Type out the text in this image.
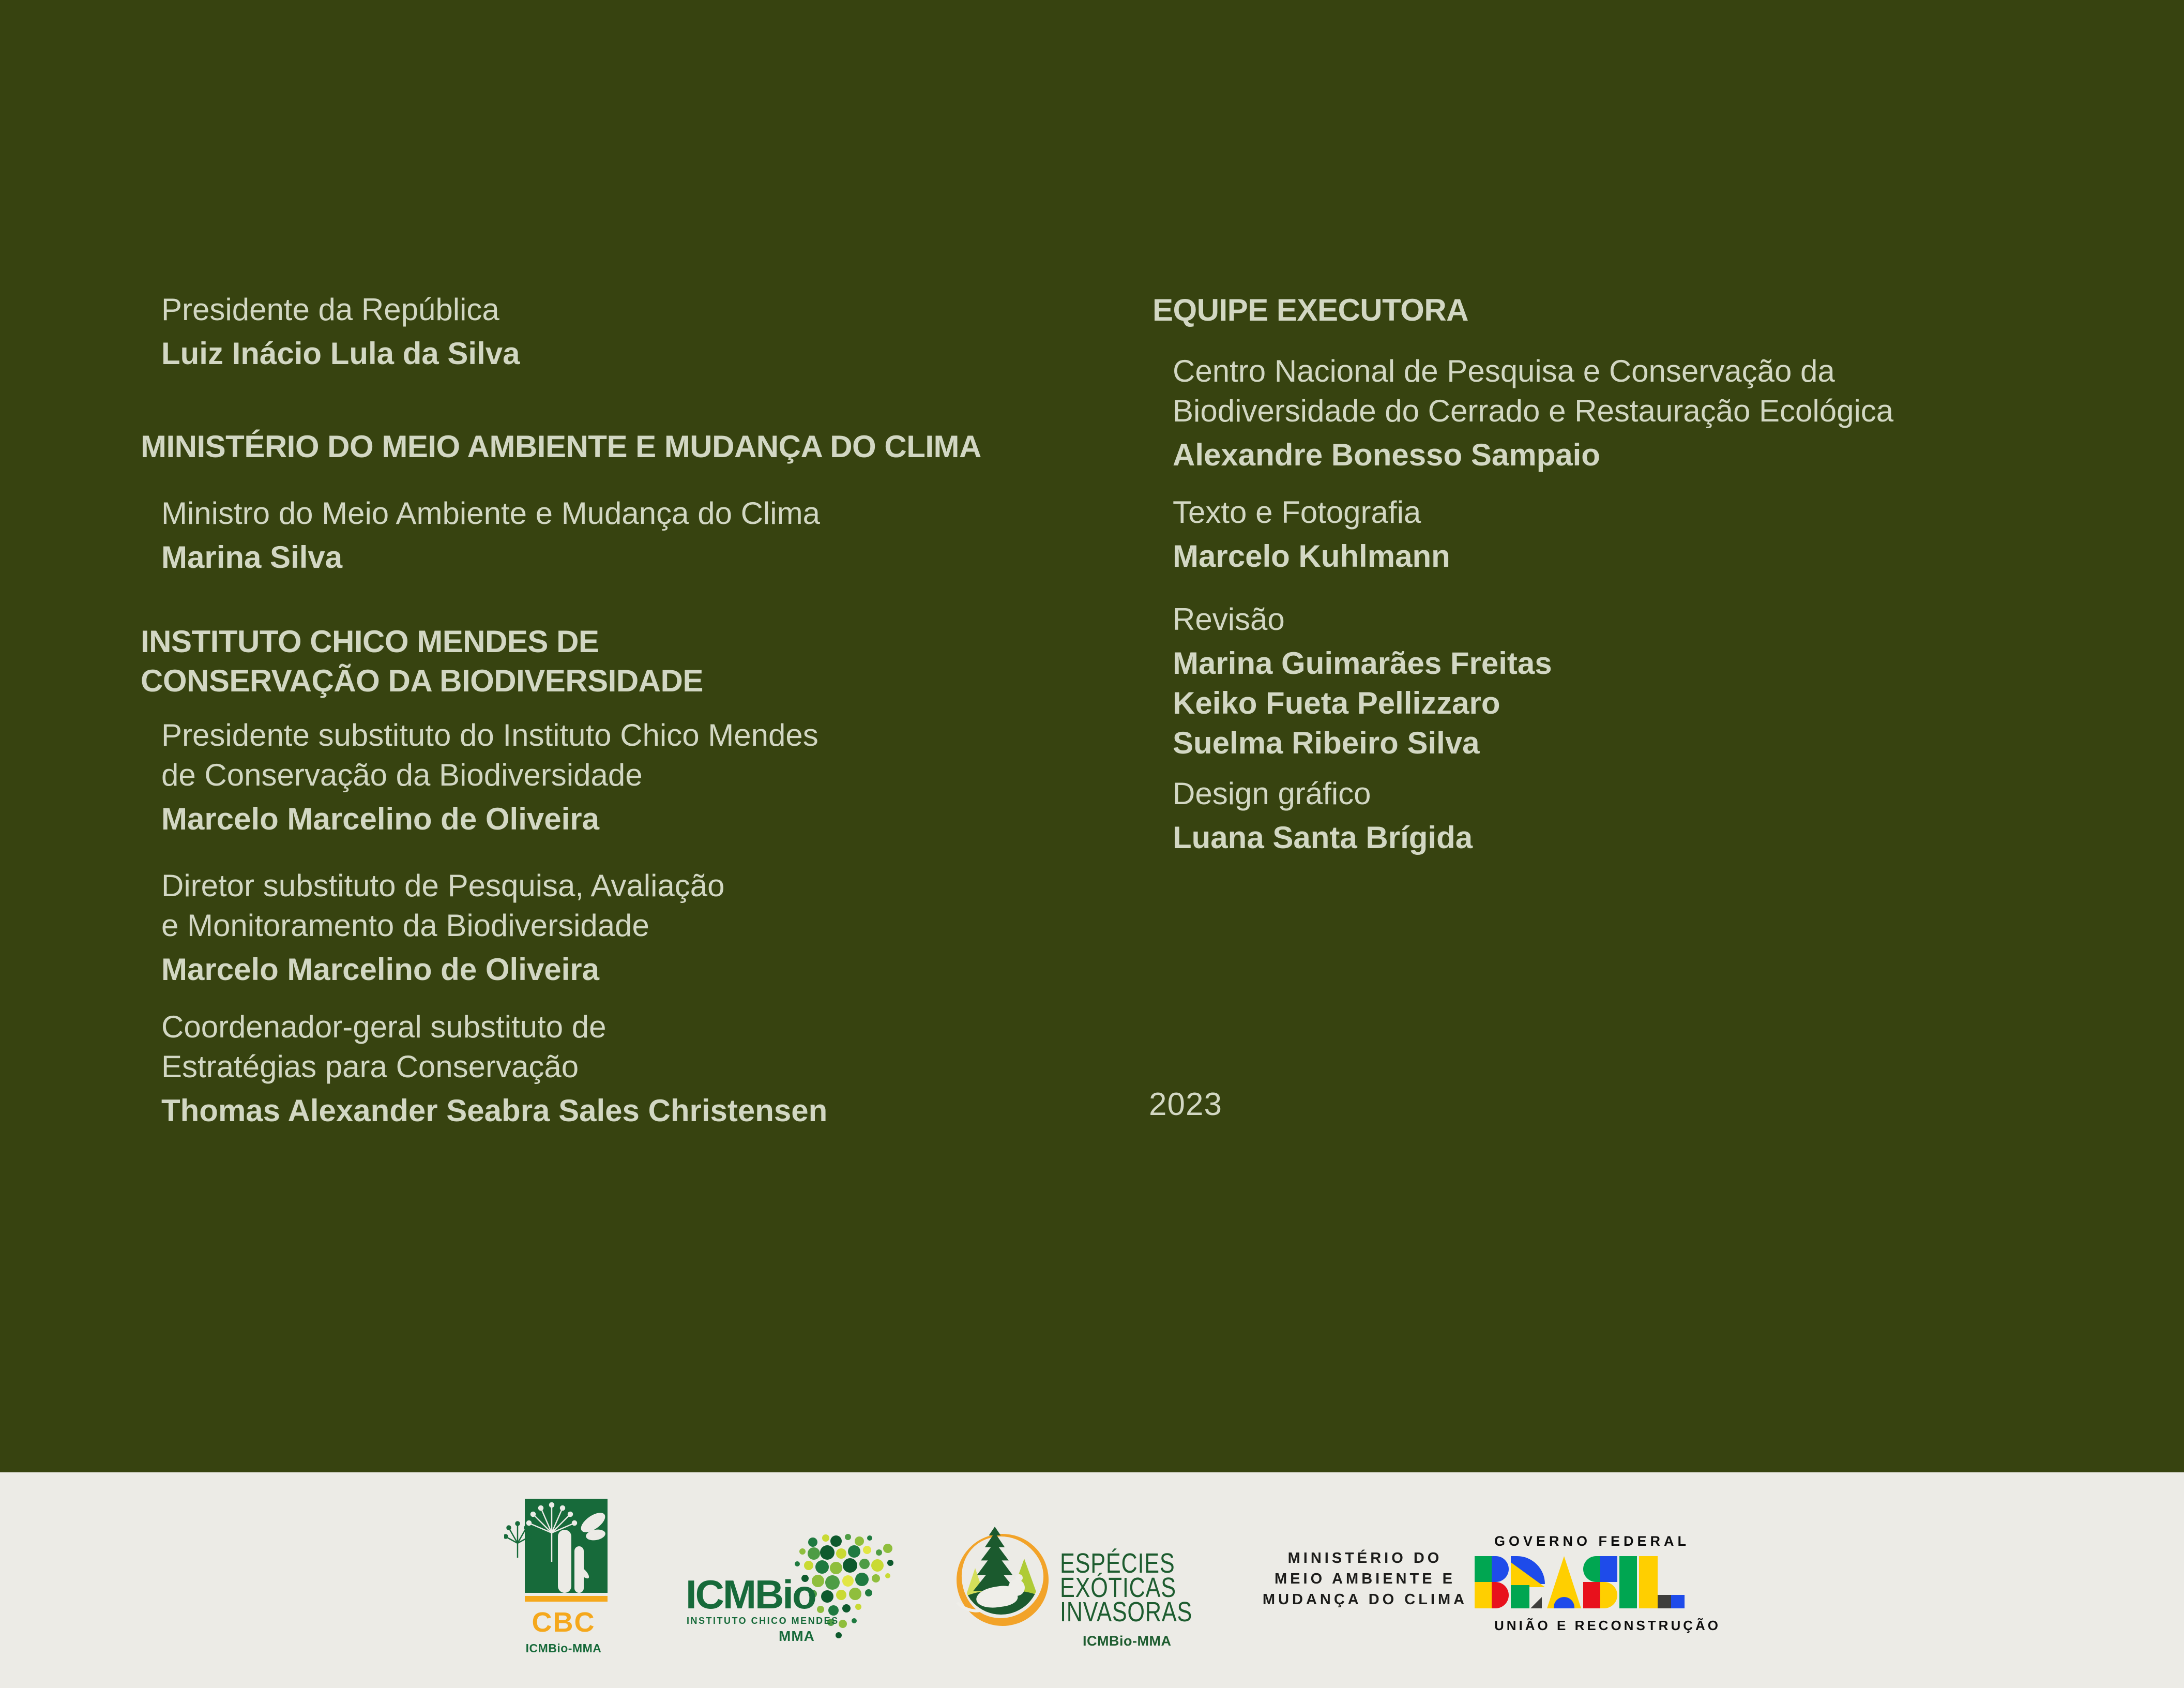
Presidente da República
Luiz Inácio Lula da Silva
MINISTÉRIO DO MEIO AMBIENTE E MUDANÇA DO CLIMA
Ministro do Meio Ambiente e Mudança do Clima
Marina Silva
INSTITUTO CHICO MENDES DE
CONSERVAÇÃO DA BIODIVERSIDADE
Presidente substituto do Instituto Chico Mendes
de Conservação da Biodiversidade
Marcelo Marcelino de Oliveira
Diretor substituto de Pesquisa, Avaliação
e Monitoramento da Biodiversidade
Marcelo Marcelino de Oliveira
Coordenador-geral substituto de
Estratégias para Conservação
Thomas Alexander Seabra Sales Christensen
EQUIPE EXECUTORA
Centro Nacional de Pesquisa e Conservação da
Biodiversidade do Cerrado e Restauração Ecológica
Alexandre Bonesso Sampaio
Texto e Fotografia
Marcelo Kuhlmann
Revisão
Marina Guimarães Freitas
Keiko Fueta Pellizzaro
Suelma Ribeiro Silva
Design gráfico
Luana Santa Brígida
2023
CBC
ICMBio-MMA
ICMBio
INSTITUTO CHICO MENDES
MMA
ESPÉCIES
EXÓTICAS
INVASORAS
ICMBio-MMA
MINISTÉRIO DO
MEIO AMBIENTE E
MUDANÇA DO CLIMA
GOVERNO FEDERAL
UNIÃO E RECONSTRUÇÃO
